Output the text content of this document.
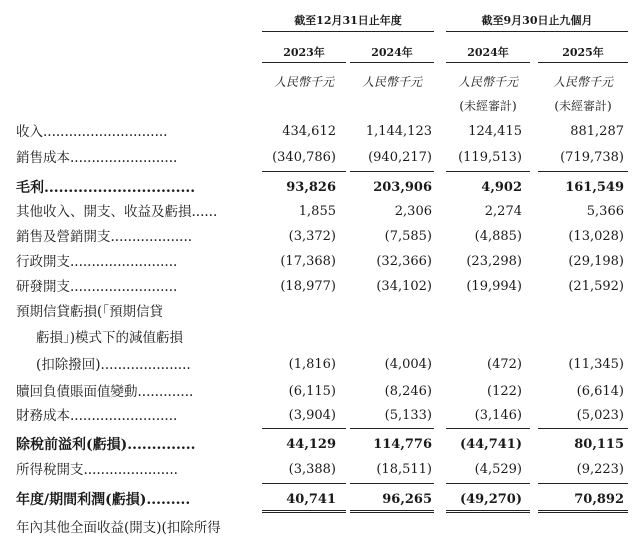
截至12月31日止年度	截至9月30日止九個月
2023年	2024年	2024年	2025年
人民幣千元	人民幣千元	人民幣千元	人民幣千元
(未經審計)	(未經審計)
收入.............................	434,612	1,144,123	124,415	881,287
銷售成本.........................	(340,786)	(940,217)	(119,513)	(719,738)
毛利...............................	93,826	203,906	4,902	161,549
其他收入、開支、收益及虧損......	1,855	2,306	2,274	5,366
銷售及營銷開支...................	(3,372)	(7,585)	(4,885)	(13,028)
行政開支.........................	(17,368)	(32,366)	(23,298)	(29,198)
研發開支.........................	(18,977)	(34,102)	(19,994)	(21,592)
預期信貸虧損(「預期信貸
虧損」)模式下的減值虧損
(扣除撥回).....................	(1,816)	(4,004)	(472)	(11,345)
贖回負債賬面值變動.............	(6,115)	(8,246)	(122)	(6,614)
財務成本.........................	(3,904)	(5,133)	(3,146)	(5,023)
除稅前溢利(虧損)..............	44,129	114,776	(44,741)	80,115
所得稅開支......................	(3,388)	(18,511)	(4,529)	(9,223)
年度/期間利潤(虧損).........	40,741	96,265	(49,270)	70,892
年內其他全面收益(開支)(扣除所得
